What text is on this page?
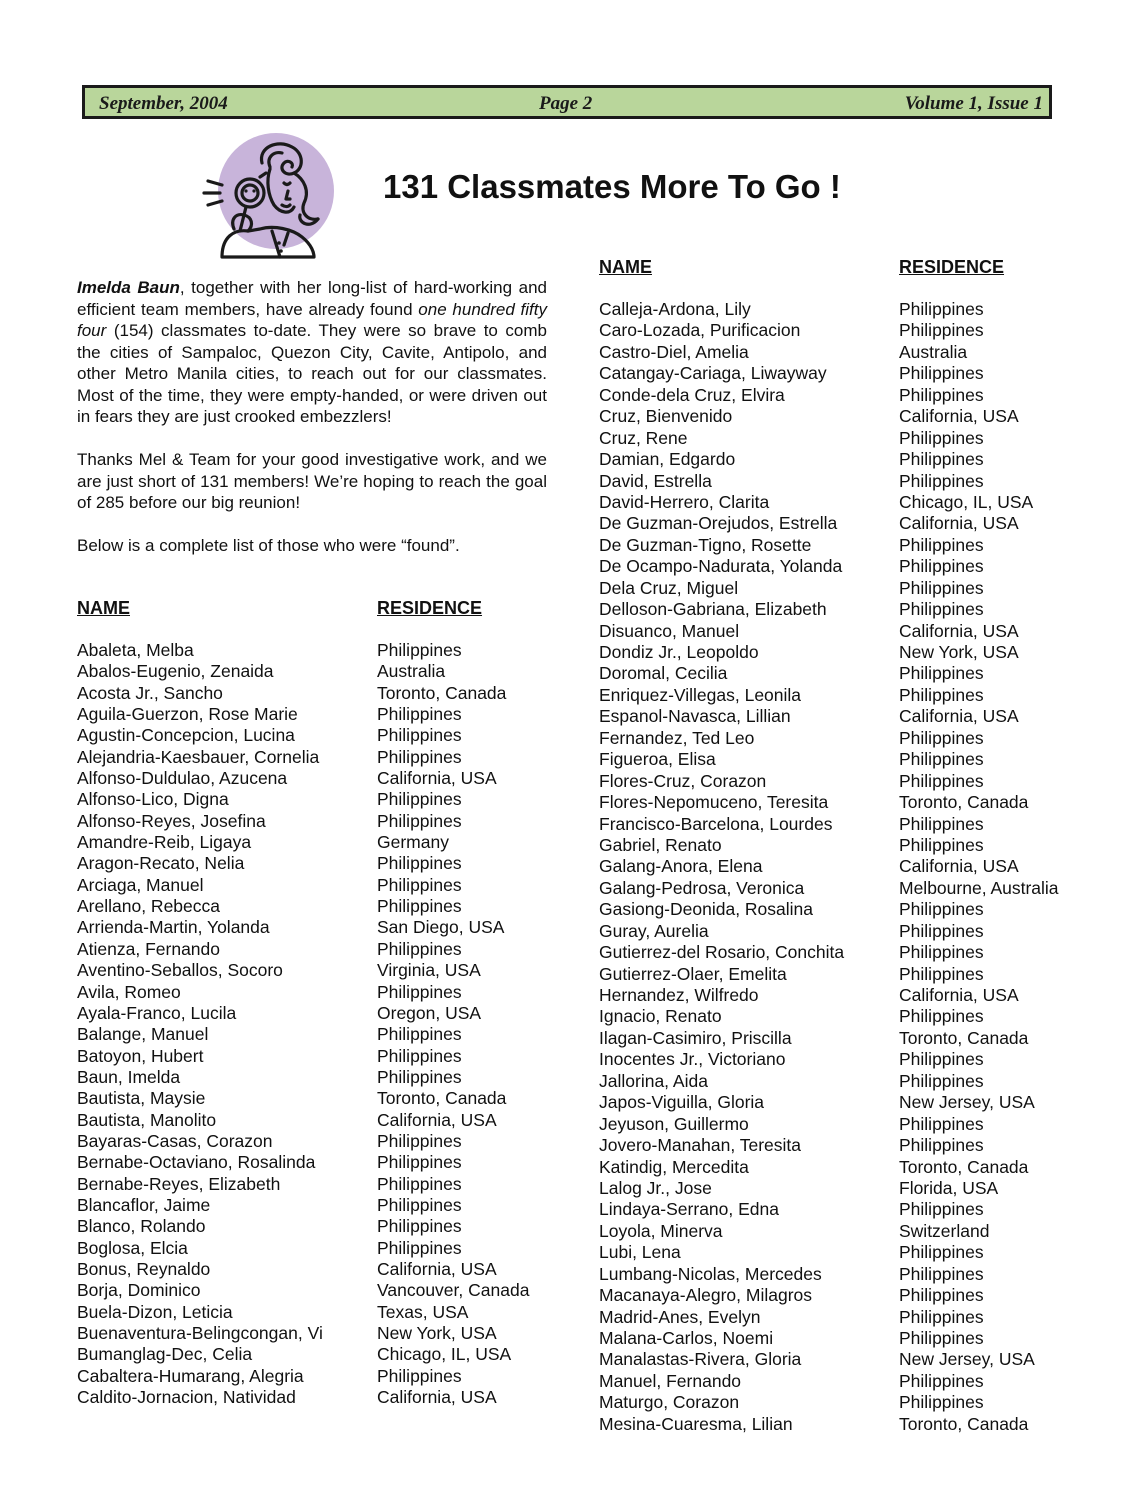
September, 2004	Page 2	Volume 1, Issue 1
131 Classmates More To Go !

Imelda Baun, together with her long-list of hard-working and efficient team members, have already found one hundred fifty four (154) classmates to-date. They were so brave to comb the cities of Sampaloc, Quezon City, Cavite, Antipolo, and other Metro Manila cities, to reach out for our classmates. Most of the time, they were empty-handed, or were driven out in fears they are just crooked embezzlers!

Thanks Mel & Team for your good investigative work, and we are just short of 131 members! We’re hoping to reach the goal of 285 before our big reunion!

Below is a complete list of those who were “found”.

NAME	RESIDENCE
NAME	RESIDENCE
Abaleta, Melba	Philippines
Abalos-Eugenio, Zenaida	Australia
Acosta Jr., Sancho	Toronto, Canada
Aguila-Guerzon, Rose Marie	Philippines
Agustin-Concepcion, Lucina	Philippines
Alejandria-Kaesbauer, Cornelia	Philippines
Alfonso-Duldulao, Azucena	California, USA
Alfonso-Lico, Digna	Philippines
Alfonso-Reyes, Josefina	Philippines
Amandre-Reib, Ligaya	Germany
Aragon-Recato, Nelia	Philippines
Arciaga, Manuel	Philippines
Arellano, Rebecca	Philippines
Arrienda-Martin, Yolanda	San Diego, USA
Atienza, Fernando	Philippines
Aventino-Seballos, Socoro	Virginia, USA
Avila, Romeo	Philippines
Ayala-Franco, Lucila	Oregon, USA
Balange, Manuel	Philippines
Batoyon, Hubert	Philippines
Baun, Imelda	Philippines
Bautista, Maysie	Toronto, Canada
Bautista, Manolito	California, USA
Bayaras-Casas, Corazon	Philippines
Bernabe-Octaviano, Rosalinda	Philippines
Bernabe-Reyes, Elizabeth	Philippines
Blancaflor, Jaime	Philippines
Blanco, Rolando	Philippines
Boglosa, Elcia	Philippines
Bonus, Reynaldo	California, USA
Borja, Dominico	Vancouver, Canada
Buela-Dizon, Leticia	Texas, USA
Buenaventura-Belingcongan, Vi	New York, USA
Bumanglag-Dec, Celia	Chicago, IL, USA
Cabaltera-Humarang, Alegria	Philippines
Caldito-Jornacion, Natividad	California, USA
Calleja-Ardona, Lily	Philippines
Caro-Lozada, Purificacion	Philippines
Castro-Diel, Amelia	Australia
Catangay-Cariaga, Liwayway	Philippines
Conde-dela Cruz, Elvira	Philippines
Cruz, Bienvenido	California, USA
Cruz, Rene	Philippines
Damian, Edgardo	Philippines
David, Estrella	Philippines
David-Herrero, Clarita	Chicago, IL, USA
De Guzman-Orejudos, Estrella	California, USA
De Guzman-Tigno, Rosette	Philippines
De Ocampo-Nadurata, Yolanda	Philippines
Dela Cruz, Miguel	Philippines
Delloson-Gabriana, Elizabeth	Philippines
Disuanco, Manuel	California, USA
Dondiz Jr., Leopoldo	New York, USA
Doromal, Cecilia	Philippines
Enriquez-Villegas, Leonila	Philippines
Espanol-Navasca, Lillian	California, USA
Fernandez, Ted Leo	Philippines
Figueroa, Elisa	Philippines
Flores-Cruz, Corazon	Philippines
Flores-Nepomuceno, Teresita	Toronto, Canada
Francisco-Barcelona, Lourdes	Philippines
Gabriel, Renato	Philippines
Galang-Anora, Elena	California, USA
Galang-Pedrosa, Veronica	Melbourne, Australia
Gasiong-Deonida, Rosalina	Philippines
Guray, Aurelia	Philippines
Gutierrez-del Rosario, Conchita	Philippines
Gutierrez-Olaer, Emelita	Philippines
Hernandez, Wilfredo	California, USA
Ignacio, Renato	Philippines
Ilagan-Casimiro, Priscilla	Toronto, Canada
Inocentes Jr., Victoriano	Philippines
Jallorina, Aida	Philippines
Japos-Viguilla, Gloria	New Jersey, USA
Jeyuson, Guillermo	Philippines
Jovero-Manahan, Teresita	Philippines
Katindig, Mercedita	Toronto, Canada
Lalog Jr., Jose	Florida, USA
Lindaya-Serrano, Edna	Philippines
Loyola, Minerva	Switzerland
Lubi, Lena	Philippines
Lumbang-Nicolas, Mercedes	Philippines
Macanaya-Alegro, Milagros	Philippines
Madrid-Anes, Evelyn	Philippines
Malana-Carlos, Noemi	Philippines
Manalastas-Rivera, Gloria	New Jersey, USA
Manuel, Fernando	Philippines
Maturgo, Corazon	Philippines
Mesina-Cuaresma, Lilian	Toronto, Canada
